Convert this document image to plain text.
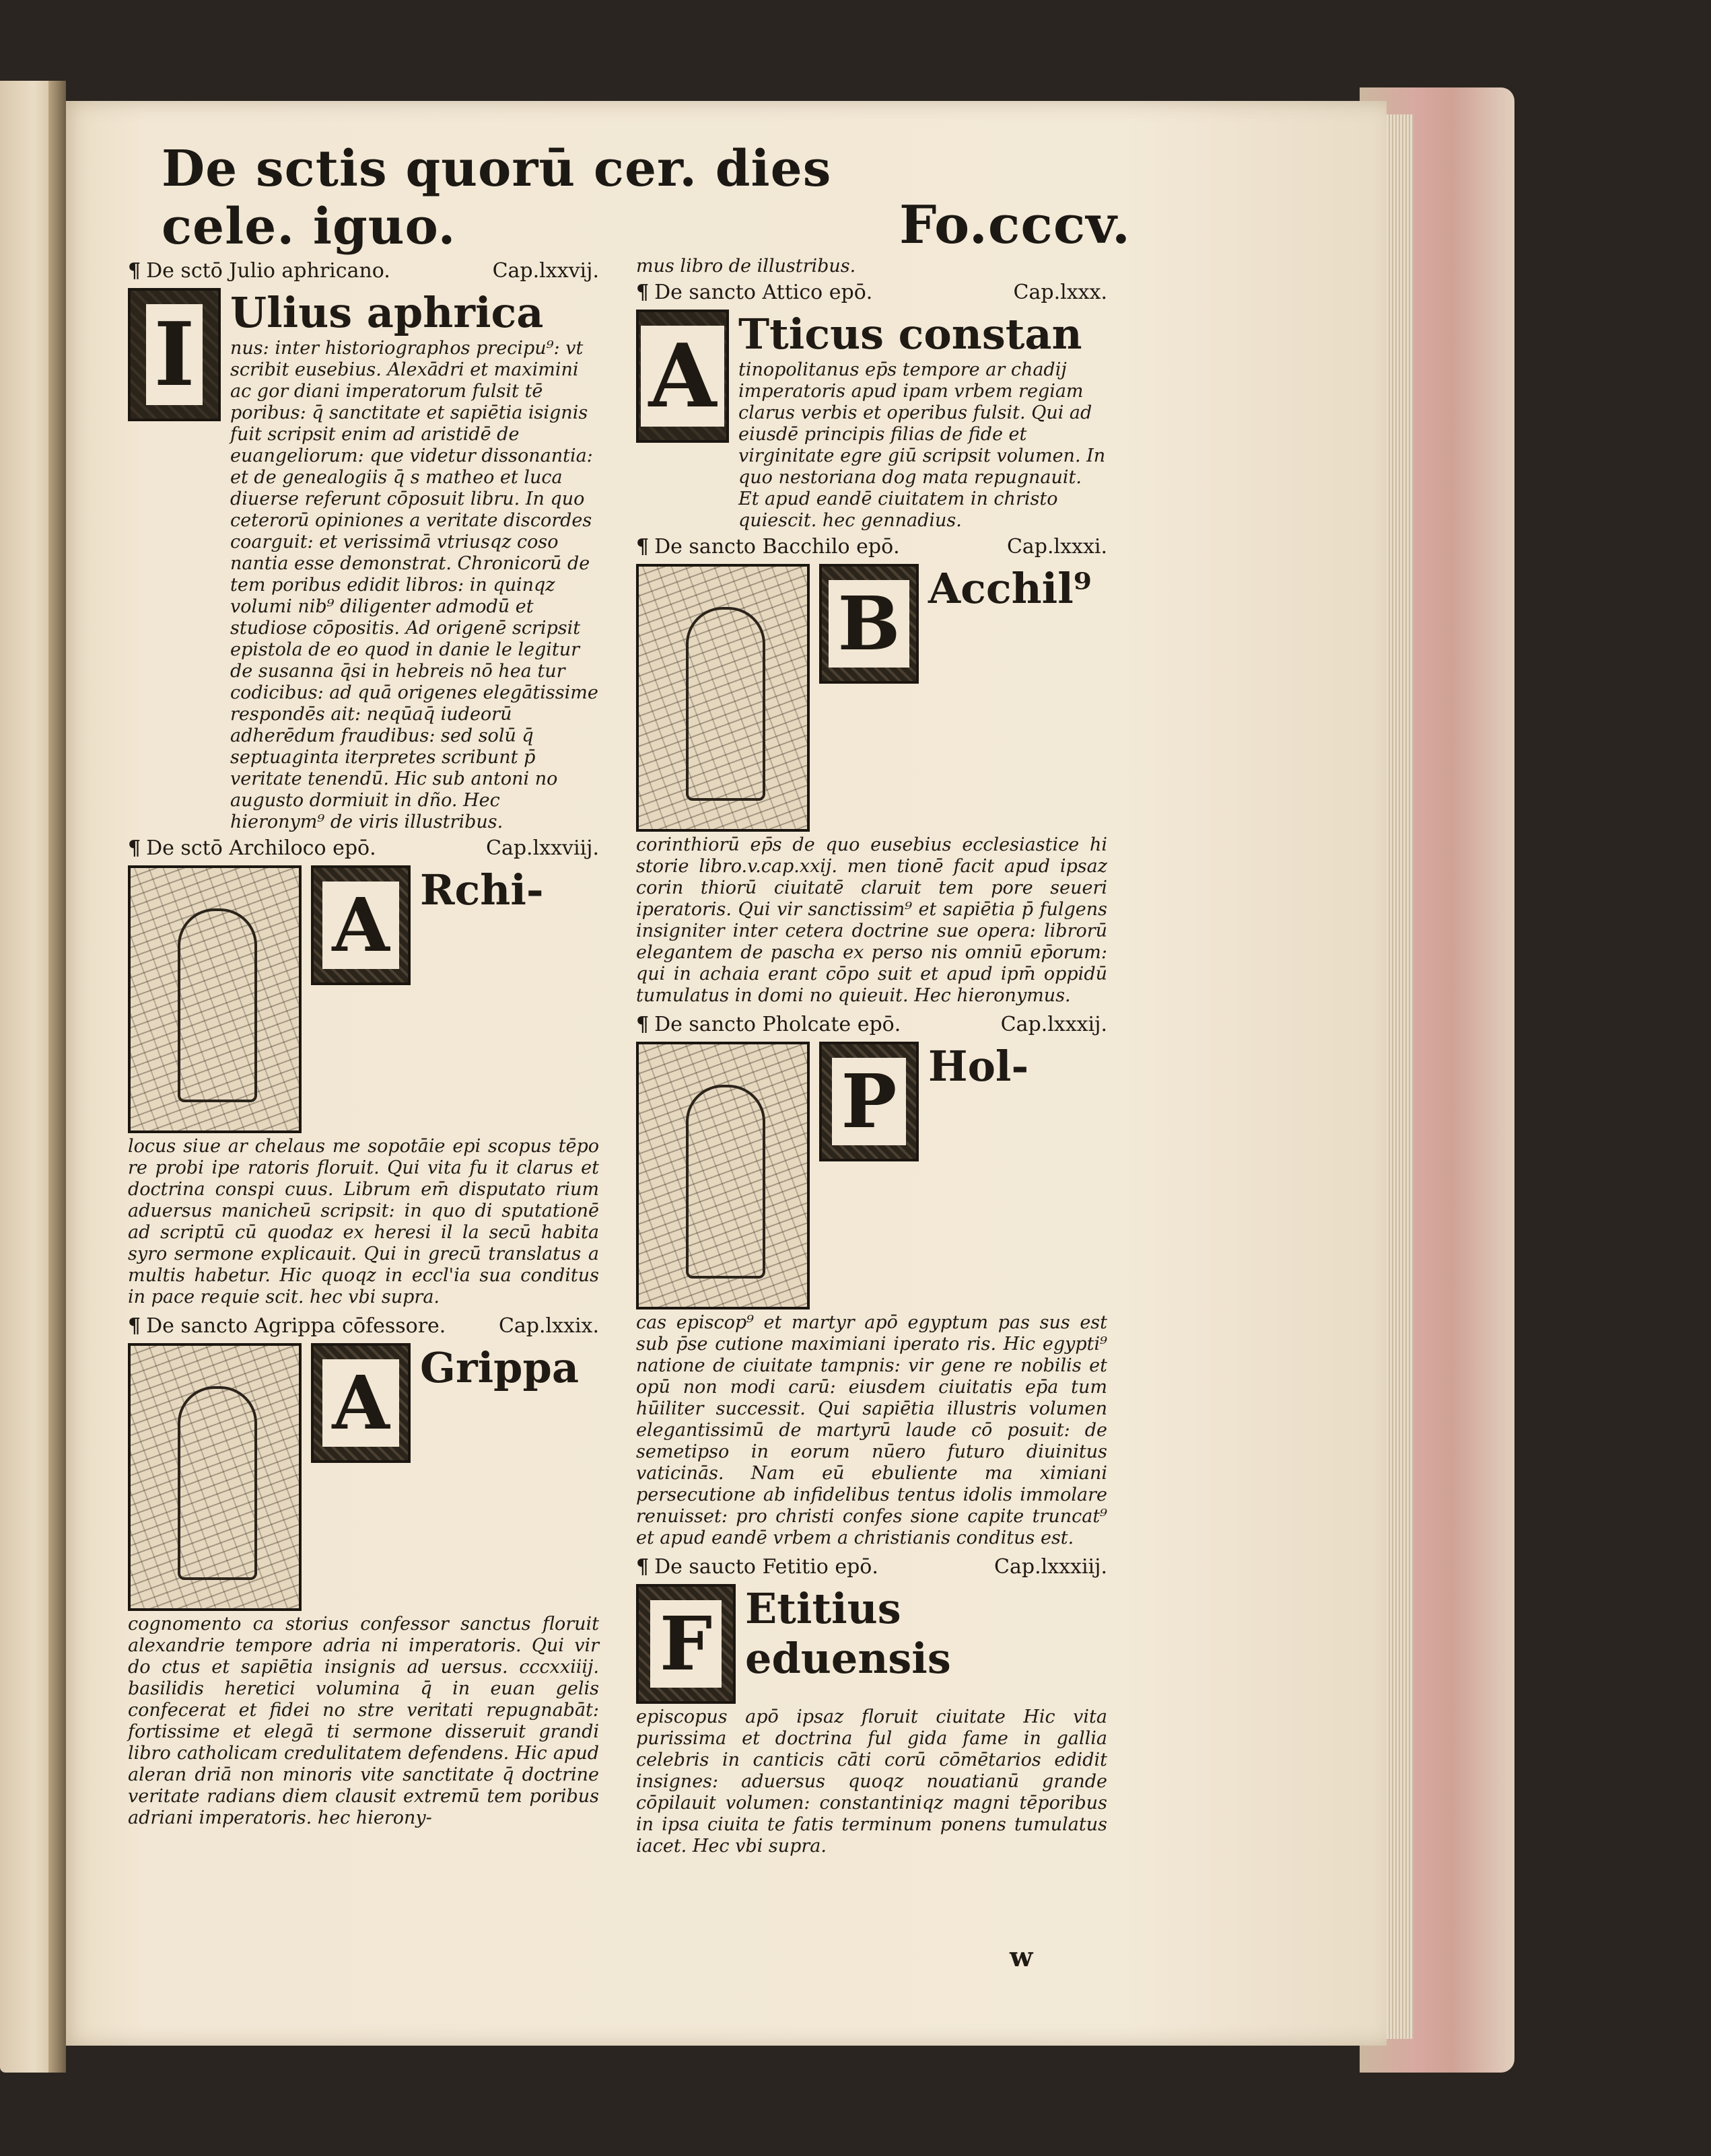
De sctis quorū cer. dies cele. iguo.	Fo.cccv.
¶ De sctō Julio aphricano.	Cap.lxxvij.
I Ulius aphrica
nus: inter historiographos precipu⁹: vt scribit eusebius. Alexādri et maximini ac gor diani imperatorum fulsit tē poribus: q̄ sanctitate et sapiētia isignis fuit scripsit enim ad aristidē de euangeliorum: que videtur dissonantia: et de genealogiis q̄ s matheo et luca diuerse referunt cōposuit libru. In quo ceterorū opiniones a veritate discordes coarguit: et verissimā vtriusqz coso nantia esse demonstrat. Chronicorū de tem poribus edidit libros: in quinqz volumi nib⁹ diligenter admodū et studiose cōpositis. Ad origenē scripsit epistola de eo quod in danie le legitur de susanna q̄si in hebreis nō hea tur codicibus: ad quā origenes elegātissime respondēs ait: neqūaq̄ iudeorū adherēdum fraudibus: sed solū q̄ septuaginta iterpretes scribunt p̄ veritate tenendū. Hic sub antoni no augusto dormiuit in dño. Hec hieronym⁹ de viris illustribus.
¶ De sctō Archiloco epō.	Cap.lxxviij.
A Rchi-

locus siue ar chelaus me sopotāie epi scopus tēpo re probi ipe ratoris floruit. Qui vita fu it clarus et doctrina conspi cuus. Librum em̄ disputato rium aduersus manicheū scripsit: in quo di sputationē ad scriptū cū quodaz ex heresi il la secū habita syro sermone explicauit. Qui in grecū translatus a multis habetur. Hic quoqz in eccl'ia sua conditus in pace requie scit. hec vbi supra.

¶ De sancto Agrippa cōfessore.	Cap.lxxix.
A Grippa

cognomento ca storius confessor sanctus floruit alexandrie tempore adria ni imperatoris. Qui vir do ctus et sapiētia insignis ad uersus. cccxxiiij. basilidis heretici volumina q̄ in euan gelis confecerat et fidei no stre veritati repugnabāt: fortissime et elegā ti sermone disseruit grandi libro catholicam credulitatem defendens. Hic apud aleran driā non minoris vite sanctitate q̄ doctrine veritate radians diem clausit extremū tem poribus adriani imperatoris. hec hierony-

mus libro de illustribus.
¶ De sancto Attico epō.	Cap.lxxx.
A Tticus constan
tinopolitanus ep̄s tempore ar chadij imperatoris apud ipam vrbem regiam clarus verbis et operibus fulsit. Qui ad eiusdē principis filias de fide et virginitate egre giū scripsit volumen. In quo nestoriana dog mata repugnauit. Et apud eandē ciuitatem in christo quiescit. hec gennadius.
¶ De sancto Bacchilo epō.	Cap.lxxxi.
B Acchil⁹

corinthiorū ep̄s de quo eusebius ecclesiastice hi storie libro.v.cap.xxij. men tionē facit apud ipsaz corin thiorū ciuitatē claruit tem pore seueri iperatoris. Qui vir sanctissim⁹ et sapiētia p̄ fulgens insigniter inter cetera doctrine sue opera: librorū elegantem de pascha ex perso nis omniū ep̄orum: qui in achaia erant cōpo suit et apud ipm̄ oppidū tumulatus in domi no quieuit. Hec hieronymus.

¶ De sancto Pholcate epō.	Cap.lxxxij.
P Hol-

cas episcop⁹ et martyr apō egyptum pas sus est sub p̄se cutione maximiani iperato ris. Hic egypti⁹ natione de ciuitate tampnis: vir gene re nobilis et opū non modi carū: eiusdem ciuitatis ep̄a tum hūiliter successit. Qui sapiētia illustris volumen elegantissimū de martyrū laude cō posuit: de semetipso in eorum nūero futuro diuinitus vaticinās. Nam eū ebuliente ma ximiani persecutione ab infidelibus tentus idolis immolare renuisset: pro christi confes sione capite truncat⁹ et apud eandē vrbem a christianis conditus est.

¶ De saucto Fetitio epō.	Cap.lxxxiij.
F Etitius eduensis

episcopus apō ipsaz floruit ciuitate Hic vita purissima et doctrina ful gida fame in gallia celebris in canticis cāti corū cōmētarios edidit insignes: aduersus quoqz nouatianū grande cōpilauit volumen: constantiniqz magni tēporibus in ipsa ciuita te fatis terminum ponens tumulatus iacet. Hec vbi supra.

w
